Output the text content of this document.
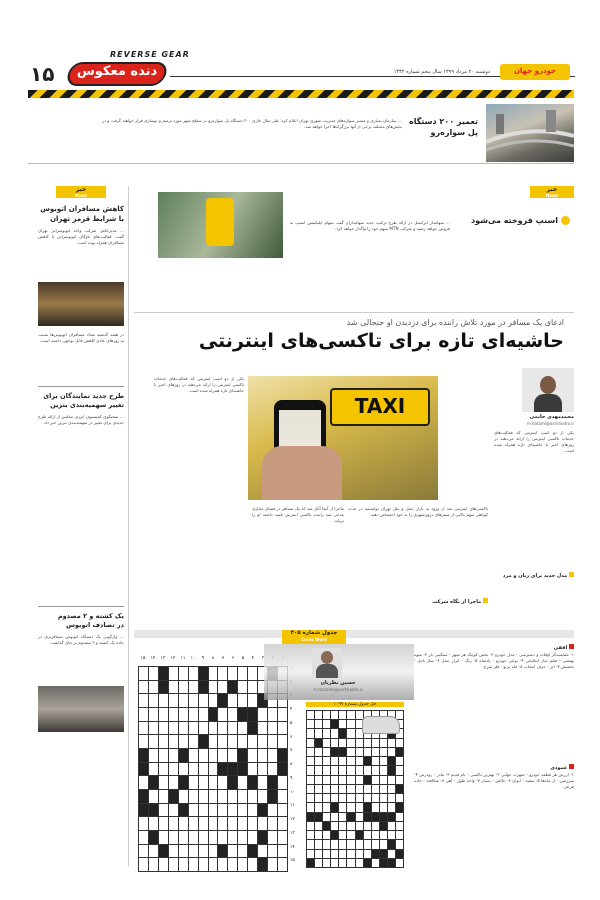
REVERSE GEAR
دنده معکوس
۱۵	دوشنبه ۲۰ مرداد ۱۳۹۹ سال پنجم شماره ۱۳۴۲	خودرو جهان
تعمیر ۲۰۰ دستگاه
پل سواره‌رو
… سازمان بسازی و مسیر سواره‌های مدیریت شهری تهران اعلام کرد: طی سال جاری ۲۰۰ دستگاه پل سواره‌رو در سطح شهر مورد ترمیم و نوسازی قرار خواهند گرفت و در بخش‌های مختلف برخی از آنها بزرگراه‌ها اجرا خواهد شد.
خبر
News
کاهش مسافران اتوبوس
با شرایط قرمز تهران
… مدیرعامل شرکت واحد اتوبوسرانی تهران گفت: فعالیت‌های ناوگان اتوبوسرانی با کاهش مسافران همراه بوده است.
در هفته گذشته تعداد مسافران اتوبوس‌ها نسبت به روزهای عادی کاهش قابل توجهی داشته است.
طرح جدید نمایندگان برای
تغییر سهمیه‌بندی بنزین
… سخنگوی کمیسیون انرژی مجلس از ارائه طرح جدیدی برای تغییر در سهمیه‌بندی بنزین خبر داد.
یک کشته و ۲ مصدوم
در تصادف اتوبوس
… واژگونی یک دستگاه اتوبوس مسافربری در جاده یک کشته و ۲ مصدوم بر جای گذاشت.
… سهامدار ایرانسل در ارائه طرح ترکیب جدید سهامداران گفت سهام اپلیکیشن اسنپ به فروش خواهد رسید و شرکت MTN سهم خود را واگذار خواهد کرد.
خبر
News
اسنپ فروخته می‌شود
ادعای یک مسافر در مورد تلاش راننده برای دزدیدن او جنجالی شد
حاشیه‌ای تازه برای تاکسی‌های اینترنتی
محمدمهدی حاتمی
m.hatami@asrkhodro.ir
یکی از دو اسپ اینترنتی که فعالیت‌های خدمات تاکسی اینترنتی را ارائه می‌دهند در روزهای اخیر با حاشیه‌ای تازه همراه شده است.
TAXI
تاکسی‌های اینترنتی بعد از ورود به بازار حمل و نقل تهران توانستند در مدت کوتاهی سهم بالایی از سفرهای درون‌شهری را به خود اختصاص دهند.
ماجرا از آنجا آغاز شد که یک مسافر در فضای مجازی مدعی شد راننده تاکسی اینترنتی قصد داشته او را برباید.
یکی از دو اسپ اینترنتی که فعالیت‌های خدمات تاکسی اینترنتی را ارائه می‌دهند در روزهای اخیر با حاشیه‌ای تازه همراه شده است.
مدل جدید برای زنان و مرد
ماجرا از نگاه شرکت
جدول شماره ۴۰۵
Cross Word
۳
۴
۵
۶
۷
۸
۹
۱۰
۱۱
۱۲
۱۳
۱۴
۱۵
۴
۵
۶
۷
۸
۹
۱۰
۱۱
۱۲
۱۳
۱۴
۱۵
حسین نظریان
h.nazarian@asrkhodro.ir
حل جدول شماره ۱۰۹۹
افقی
۱- مقایسه‌گر اوقات و دسترسی - مدل خودرو ۲- بخش کوچک هر شهر - سنگینی بار ۳- میوه بهشتی - فیلم ساز ایتالیایی ۴- نوعی خودرو - پادشاه ۵- رنگ - ابزار حمل ۶- ساز بادی - بخشش ۷- اثر - حرف انتخاب ۸- ماه پرتو - فلز سرخ.
عمودی
۱- ارزش هر قطعه خودرو - شهرت جهانی ۲- بهترین تاکسی - نام قدیم ۳- مادر - زودرس ۴- سرزمین - از ماه‌ها ۵- سفید - ایوان ۶- خالص - بسیار ۷- واحد طول - آهن ۸- شکافته - جاده فرعی.
